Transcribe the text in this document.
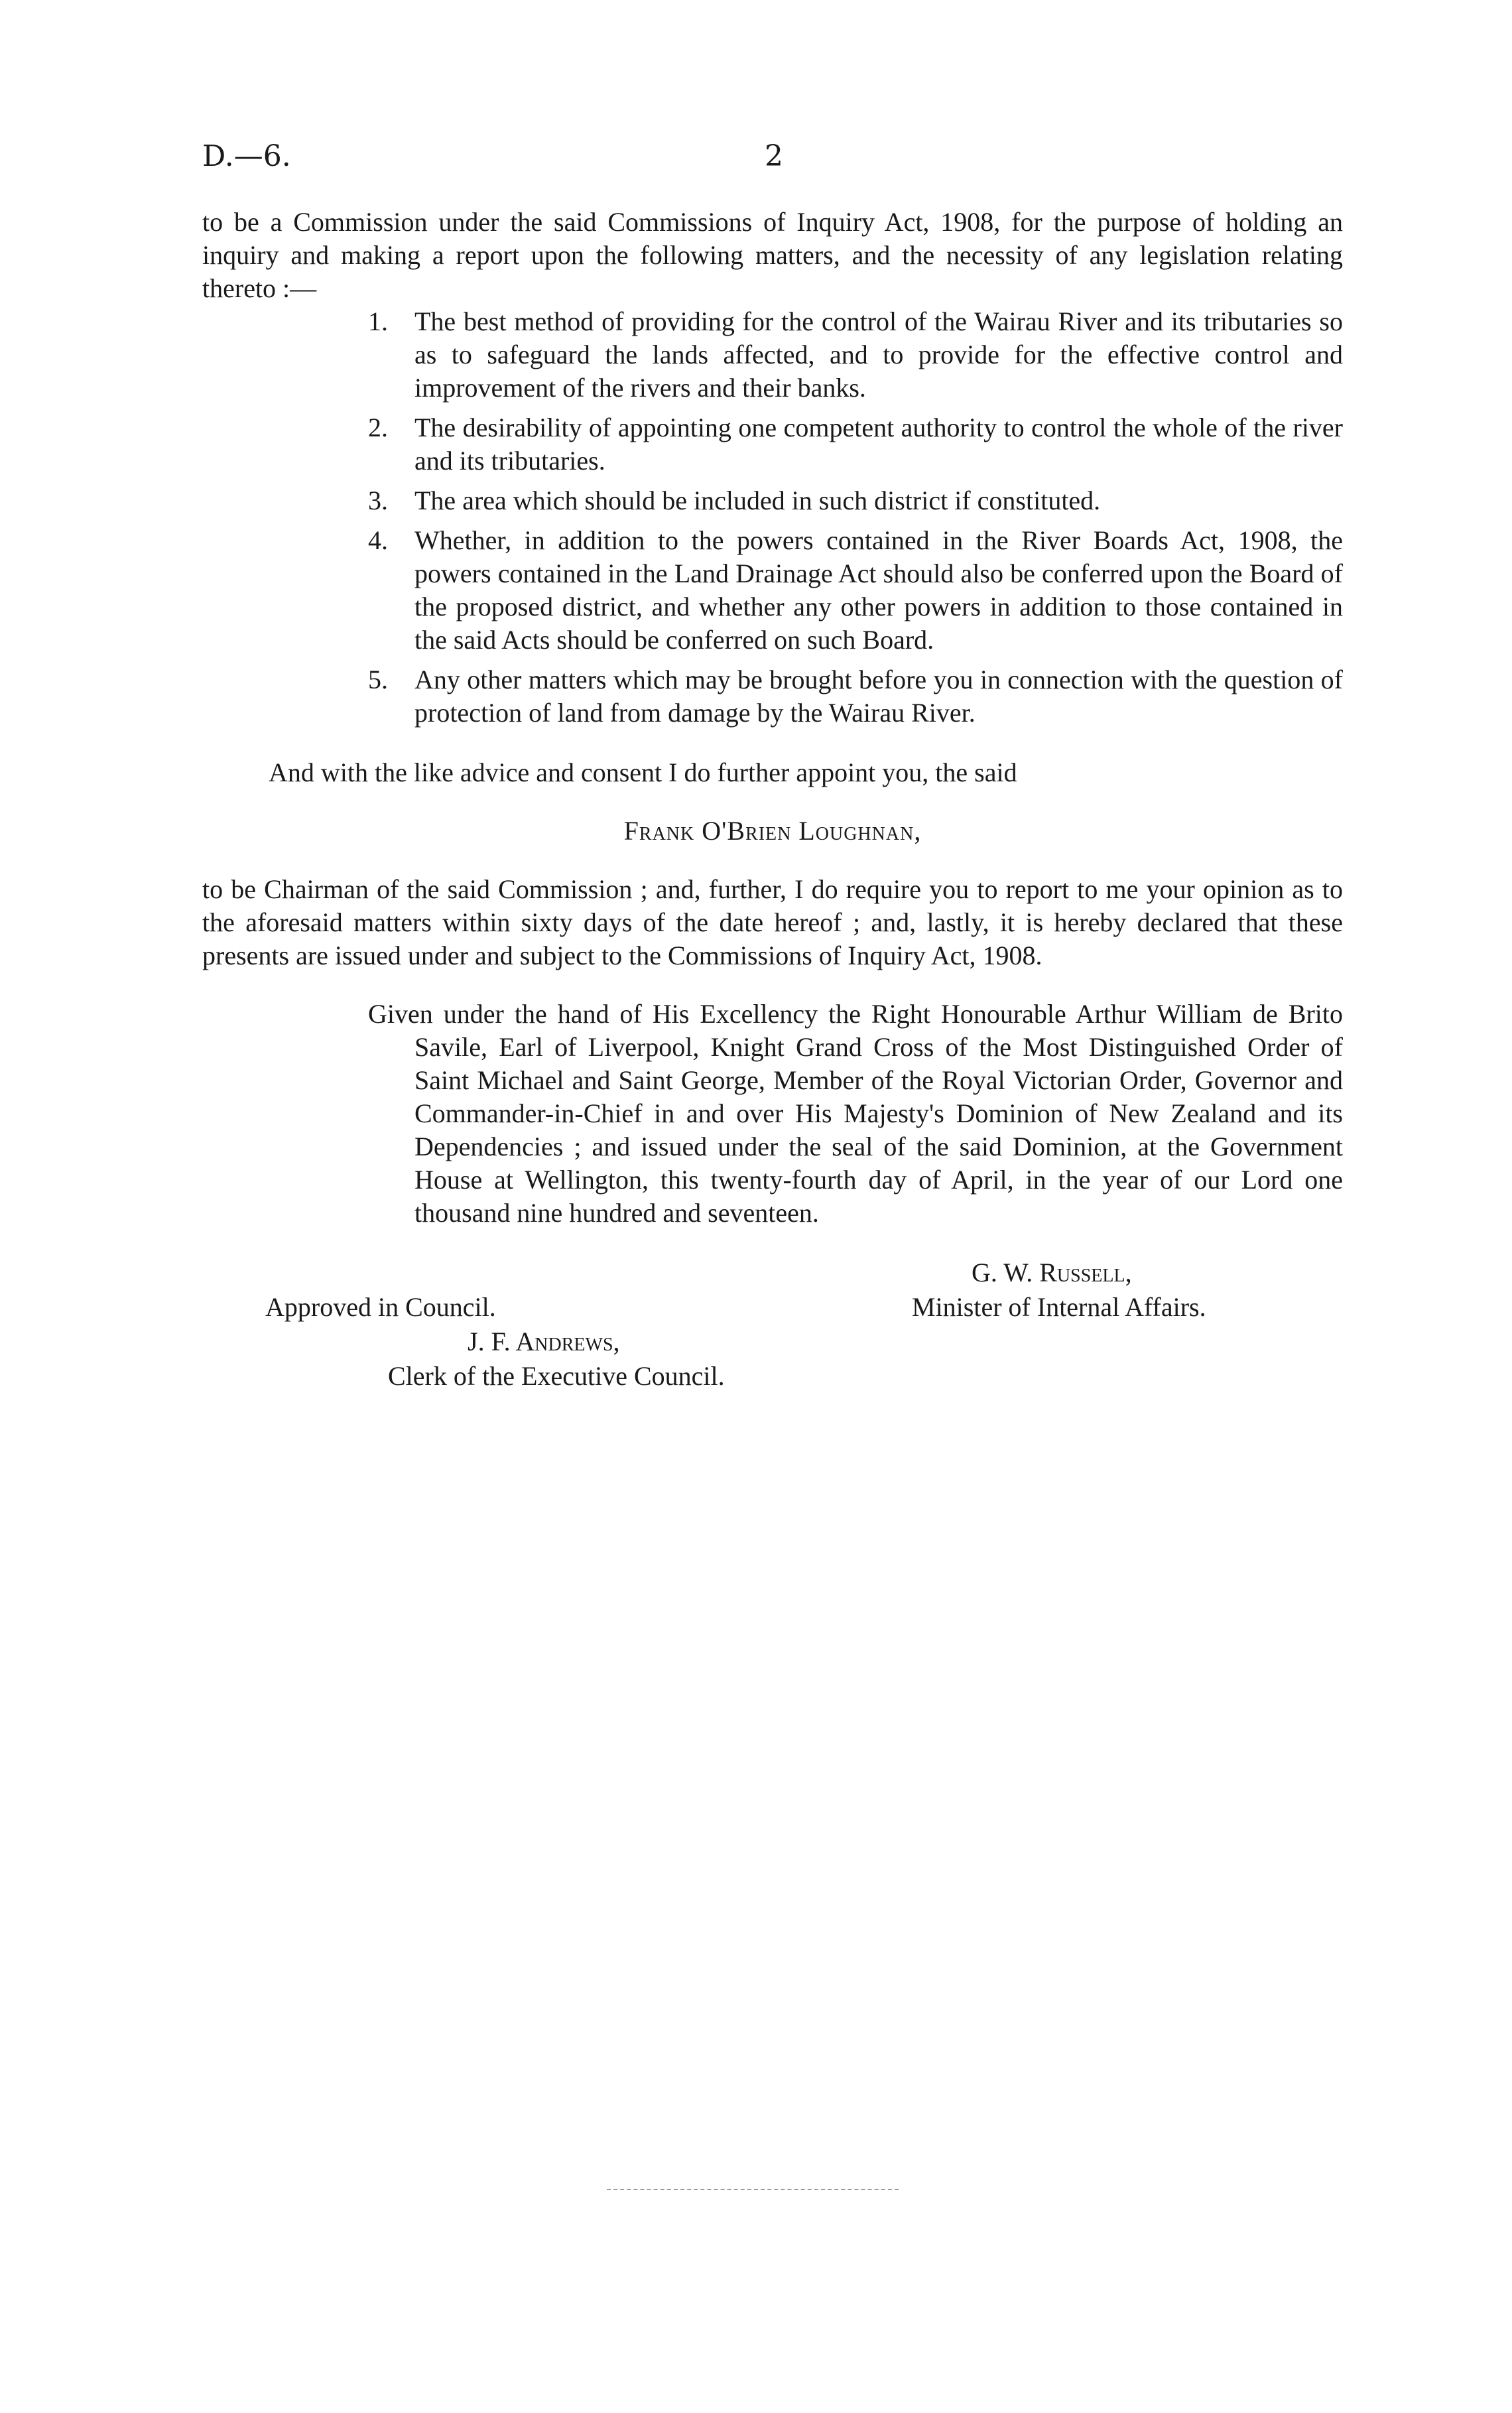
D.—6.	2

to be a Commission under the said Commissions of Inquiry Act, 1908, for the purpose of holding an inquiry and making a report upon the following matters, and the necessity of any legislation relating thereto :—

1. The best method of providing for the control of the Wairau River and its tributaries so as to safeguard the lands affected, and to provide for the effective control and improvement of the rivers and their banks.
2. The desirability of appointing one competent authority to control the whole of the river and its tributaries.
3. The area which should be included in such district if constituted.
4. Whether, in addition to the powers contained in the River Boards Act, 1908, the powers contained in the Land Drainage Act should also be conferred upon the Board of the proposed district, and whether any other powers in addition to those contained in the said Acts should be conferred on such Board.
5. Any other matters which may be brought before you in connection with the question of protection of land from damage by the Wairau River.

And with the like advice and consent I do further appoint you, the said

Frank O'Brien Loughnan,

to be Chairman of the said Commission ; and, further, I do require you to report to me your opinion as to the aforesaid matters within sixty days of the date hereof ; and, lastly, it is hereby declared that these presents are issued under and subject to the Commissions of Inquiry Act, 1908.

Given under the hand of His Excellency the Right Honourable Arthur William de Brito Savile, Earl of Liverpool, Knight Grand Cross of the Most Distinguished Order of Saint Michael and Saint George, Member of the Royal Victorian Order, Governor and Commander-in-Chief in and over His Majesty's Dominion of New Zealand and its Dependencies ; and issued under the seal of the said Dominion, at the Government House at Wellington, this twenty-fourth day of April, in the year of our Lord one thousand nine hundred and seventeen.

G. W. Russell,
Minister of Internal Affairs.
Approved in Council.
J. F. Andrews,
Clerk of the Executive Council.
